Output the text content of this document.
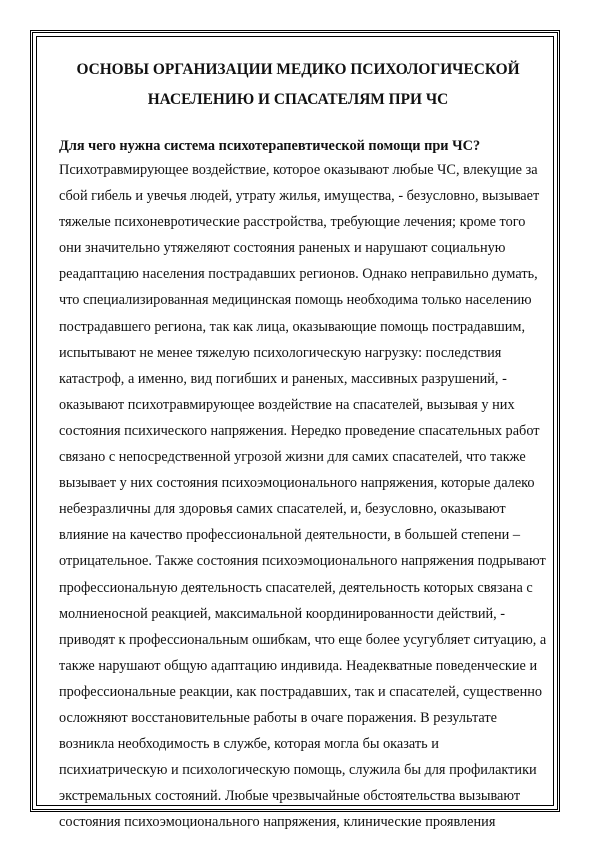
ОСНОВЫ ОРГАНИЗАЦИИ МЕДИКО ПСИХОЛОГИЧЕСКОЙ
НАСЕЛЕНИЮ И СПАСАТЕЛЯМ ПРИ ЧС

Для чего нужна система психотерапевтической помощи при ЧС?

Психотравмирующее воздействие, которое оказывают любые ЧС, влекущие за
сбой гибель и увечья людей, утрату жилья, имущества, - безусловно, вызывает
тяжелые психоневротические расстройства, требующие лечения; кроме того
они значительно утяжеляют состояния раненых и нарушают социальную
реадаптацию населения пострадавших регионов. Однако неправильно думать,
что специализированная медицинская помощь необходима только населению
пострадавшего региона, так как лица, оказывающие помощь пострадавшим,
испытывают не менее тяжелую психологическую нагрузку: последствия
катастроф, а именно, вид погибших и раненых, массивных разрушений, -
оказывают психотравмирующее воздействие на спасателей, вызывая у них
состояния психического напряжения. Нередко проведение спасательных работ
связано с непосредственной угрозой жизни для самих спасателей, что также
вызывает у них состояния психоэмоционального напряжения, которые далеко
небезразличны для здоровья самих спасателей, и, безусловно, оказывают
влияние на качество профессиональной деятельности, в большей степени –
отрицательное. Также состояния психоэмоционального напряжения подрывают
профессиональную деятельность спасателей, деятельность которых связана с
молниеносной реакцией, максимальной координированности действий, -
приводят к профессиональным ошибкам, что еще более усугубляет ситуацию, а
также нарушают общую адаптацию индивида. Неадекватные поведенческие и
профессиональные реакции, как пострадавших, так и спасателей, существенно
осложняют восстановительные работы в очаге поражения. В результате
возникла необходимость в службе, которая могла бы оказать и
психиатрическую и психологическую помощь, служила бы для профилактики
экстремальных состояний. Любые чрезвычайные обстоятельства вызывают
состояния психоэмоционального напряжения, клинические проявления
